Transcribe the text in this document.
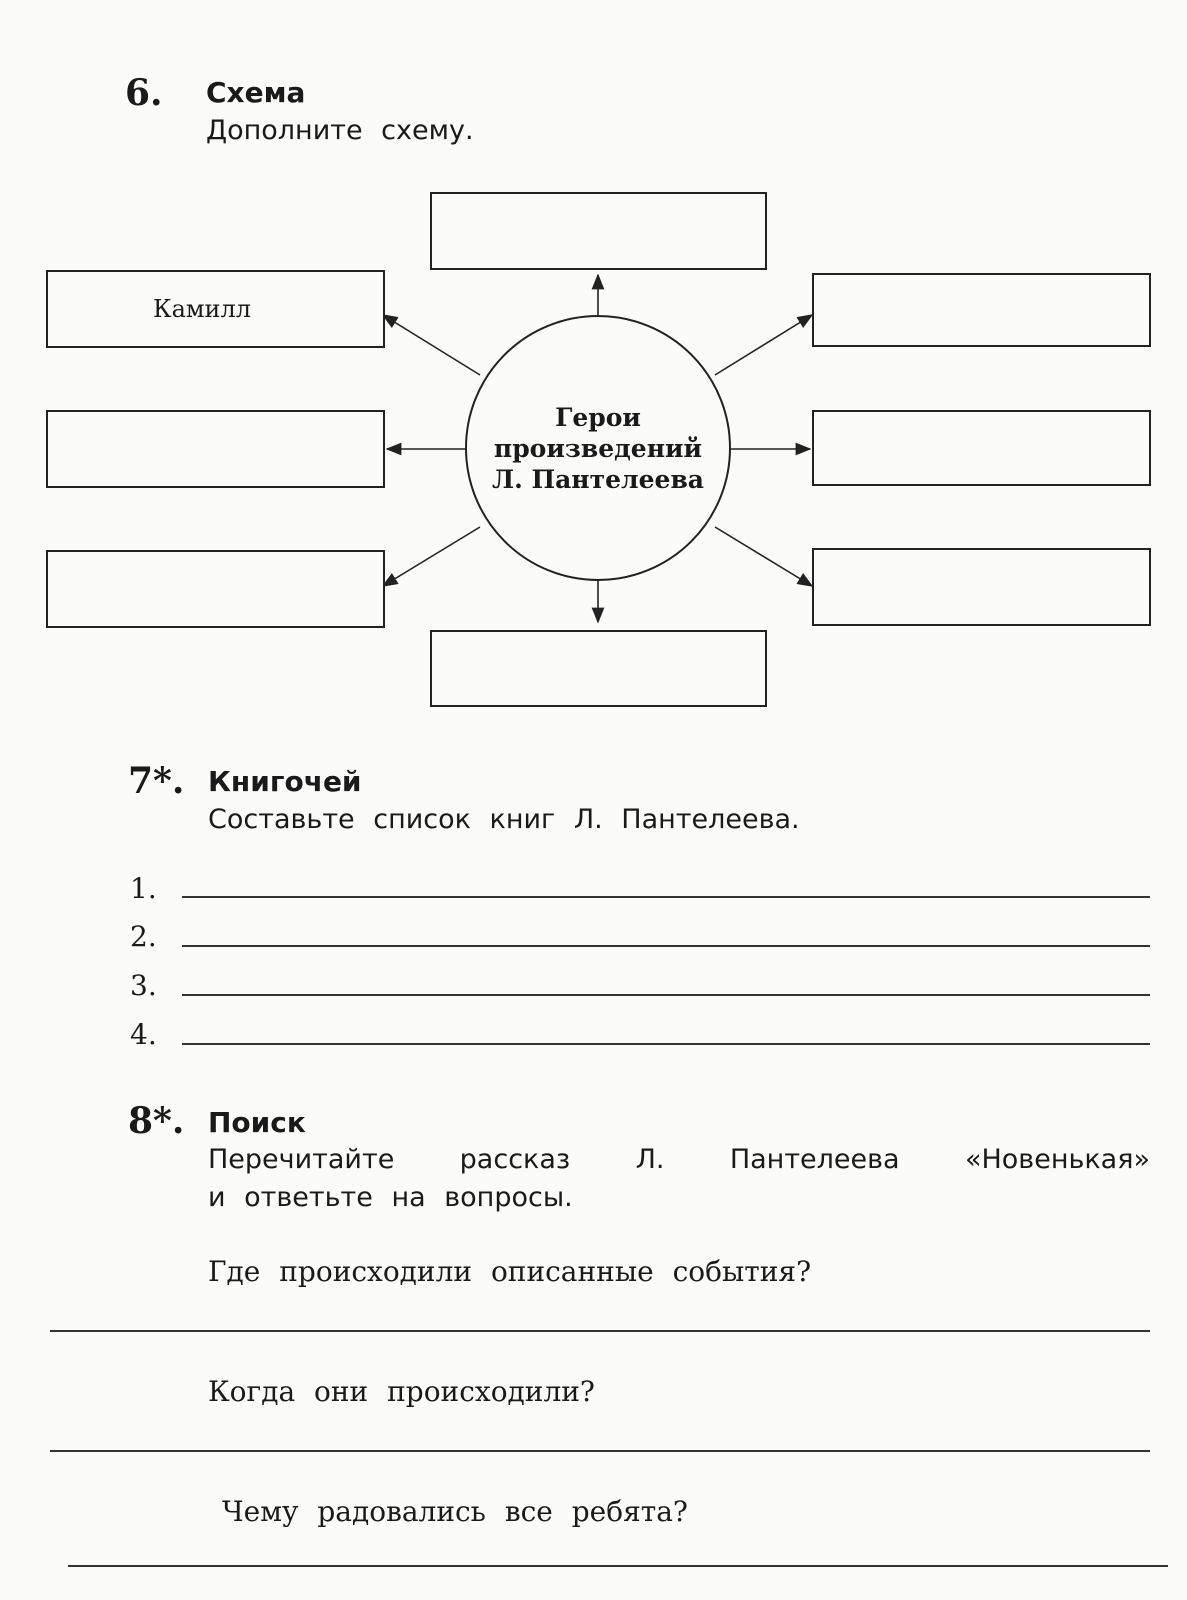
6. Схема
Дополните схему.
Камилл
Герои
произведений
Л. Пантелеева
7*. Книгочей
Составьте список книг Л. Пантелеева.
1.
2.
3.
4.
8*. Поиск
Перечитайте рассказ Л. Пантелеева «Новенькая»
и ответьте на вопросы.
Где происходили описанные события?
Когда они происходили?
Чему радовались все ребята?
